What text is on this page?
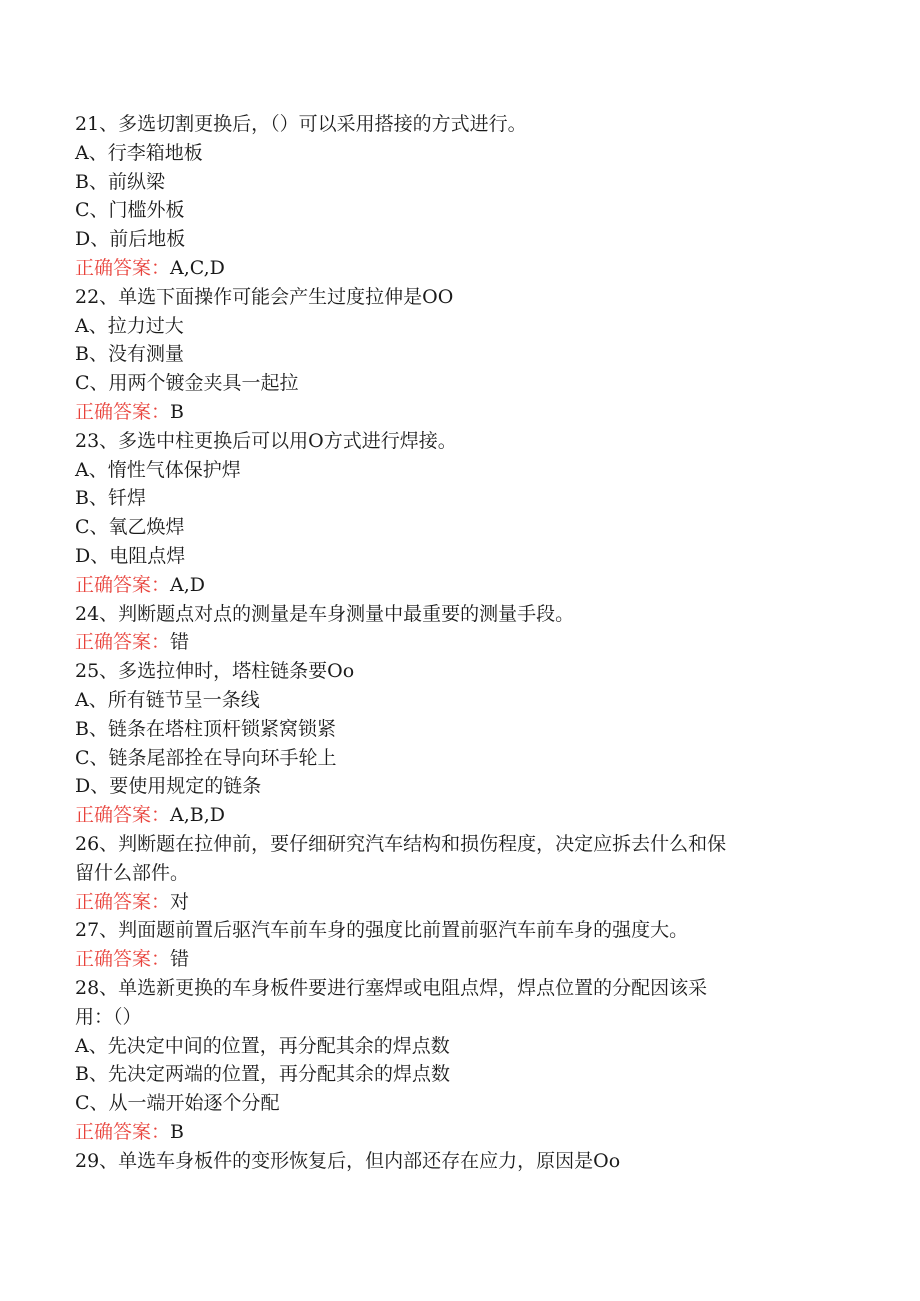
21、多选切割更换后，（）可以采用搭接的方式进行。
A、行李箱地板
B、前纵梁
C、门槛外板
D、前后地板
正确答案：A,C,D
22、单选下面操作可能会产生过度拉伸是OO
A、拉力过大
B、没有测量
C、用两个镀金夹具一起拉
正确答案：B
23、多选中柱更换后可以用O方式进行焊接。
A、惰性气体保护焊
B、钎焊
C、氧乙焕焊
D、电阻点焊
正确答案：A,D
24、判断题点对点的测量是车身测量中最重要的测量手段。
正确答案：错
25、多选拉伸时，塔柱链条要Oo
A、所有链节呈一条线
B、链条在塔柱顶杆锁紧窝锁紧
C、链条尾部拴在导向环手轮上
D、要使用规定的链条
正确答案：A,B,D
26、判断题在拉伸前，要仔细研究汽车结构和损伤程度，决定应拆去什么和保
留什么部件。
正确答案：对
27、判面题前置后驱汽车前车身的强度比前置前驱汽车前车身的强度大。
正确答案：错
28、单选新更换的车身板件要进行塞焊或电阻点焊，焊点位置的分配因该采
用：（）
A、先决定中间的位置，再分配其余的焊点数
B、先决定两端的位置，再分配其余的焊点数
C、从一端开始逐个分配
正确答案：B
29、单选车身板件的变形恢复后，但内部还存在应力，原因是Oo
